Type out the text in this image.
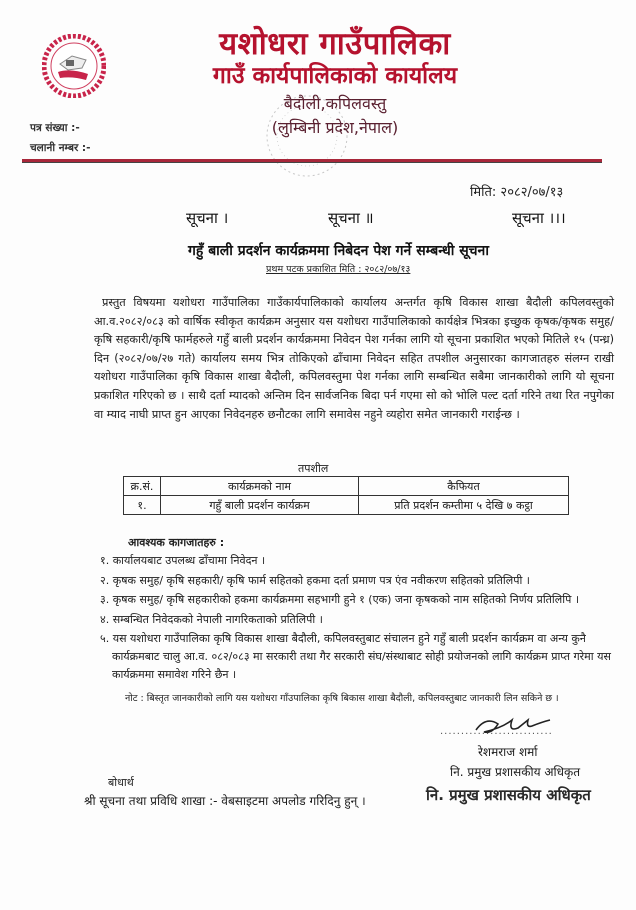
यशोधरा गाउँपालिका
गाउँ कार्यपालिकाको कार्यालय
बैदौली,कपिलवस्तु
(लुम्बिनी प्रदेश,नेपाल)
पत्र संख्या :-
चलानी नम्बर :-
मिति: २०८२/०७/१३
सूचना ।	सूचना ॥	सूचना ।।।
गहुँ बाली प्रदर्शन कार्यक्रममा निबेदन पेश गर्ने सम्बन्धी सूचना
प्रथम पटक प्रकाशित मिति : २०८२/०७/१३

प्रस्तुत विषयमा यशोधरा गाउँपालिका गाउँकार्यपालिकाको कार्यालय अन्तर्गत कृषि विकास शाखा बैदौली कपिलवस्तुको आ.व.२०८२/०८३ को वार्षिक स्वीकृत कार्यक्रम अनुसार यस यशोधरा गाउँपालिकाको कार्यक्षेत्र भित्रका इच्छुक कृषक/कृषक समुह/कृषि सहकारी/कृषि फार्महरुले गहुँ बाली प्रदर्शन कार्यक्रममा निवेदन पेश गर्नका लागि यो सूचना प्रकाशित भएको मितिले १५ (पन्ध्र) दिन (२०८२/०७/२७ गते) कार्यालय समय भित्र तोकिएको ढाँचामा निवेदन सहित तपशील अनुसारका कागजातहरु संलग्न राखी यशोधरा गाउँपालिका कृषि विकास शाखा बैदौली, कपिलवस्तुमा पेश गर्नका लागि सम्बन्धित सबैमा जानकारीको लागि यो सूचना प्रकाशित गरिएको छ । साथै दर्ता म्यादको अन्तिम दिन सार्वजनिक बिदा पर्न गएमा सो को भोलि पल्ट दर्ता गरिने तथा रित नपुगेका वा म्याद नाघी प्राप्त हुन आएका निवेदनहरु छनौटका लागि समावेस नहुने व्यहोरा समेत जानकारी गराईन्छ ।

तपशील
क्र.सं.	कार्यक्रमको नाम	कैफियत
१.	गहुँ बाली प्रदर्शन कार्यक्रम	प्रति प्रदर्शन कम्तीमा ५ देखि ७ कट्ठा
आवश्यक कागजातहरु :
१. कार्यालयबाट उपलब्ध ढाँचामा निवेदन ।
२. कृषक समुह/ कृषि सहकारी/ कृषि फार्म सहितको हकमा दर्ता प्रमाण पत्र एंव नवीकरण सहितको प्रतिलिपी ।
३. कृषक समुह/ कृषि सहकारीको हकमा कार्यक्रममा सहभागी हुने १ (एक) जना कृषकको नाम सहितको निर्णय प्रतिलिपि ।
४. सम्बन्धित निवेदकको नेपाली नागरिकताको प्रतिलिपी ।
५. यस यशोधरा गाउँपालिका कृषि विकास शाखा बैदौली, कपिलवस्तुबाट संचालन हुने गहुँ बाली प्रदर्शन कार्यक्रम वा अन्य कुनै कार्यक्रमबाट चालु आ.व. ०८२/०८३ मा सरकारी तथा गैर सरकारी संघ/संस्थाबाट सोही प्रयोजनको लागि कार्यक्रम प्राप्त गरेमा यस कार्यक्रममा समावेश गरिने छैन ।
नोट : बिस्तृत जानकारीको लागि यस यशोधरा गाँउपालिका कृषि बिकास शाखा बैदौली, कपिलवस्तुबाट जानकारी लिन सकिने छ ।
...........................
रेशमराज शर्मा
नि. प्रमुख प्रशासकीय अधिकृत
नि. प्रमुख प्रशासकीय अधिकृत
बोधार्थ
श्री सूचना तथा प्रविधि शाखा :- वेबसाइटमा अपलोड गरिदिनु हुन् ।
